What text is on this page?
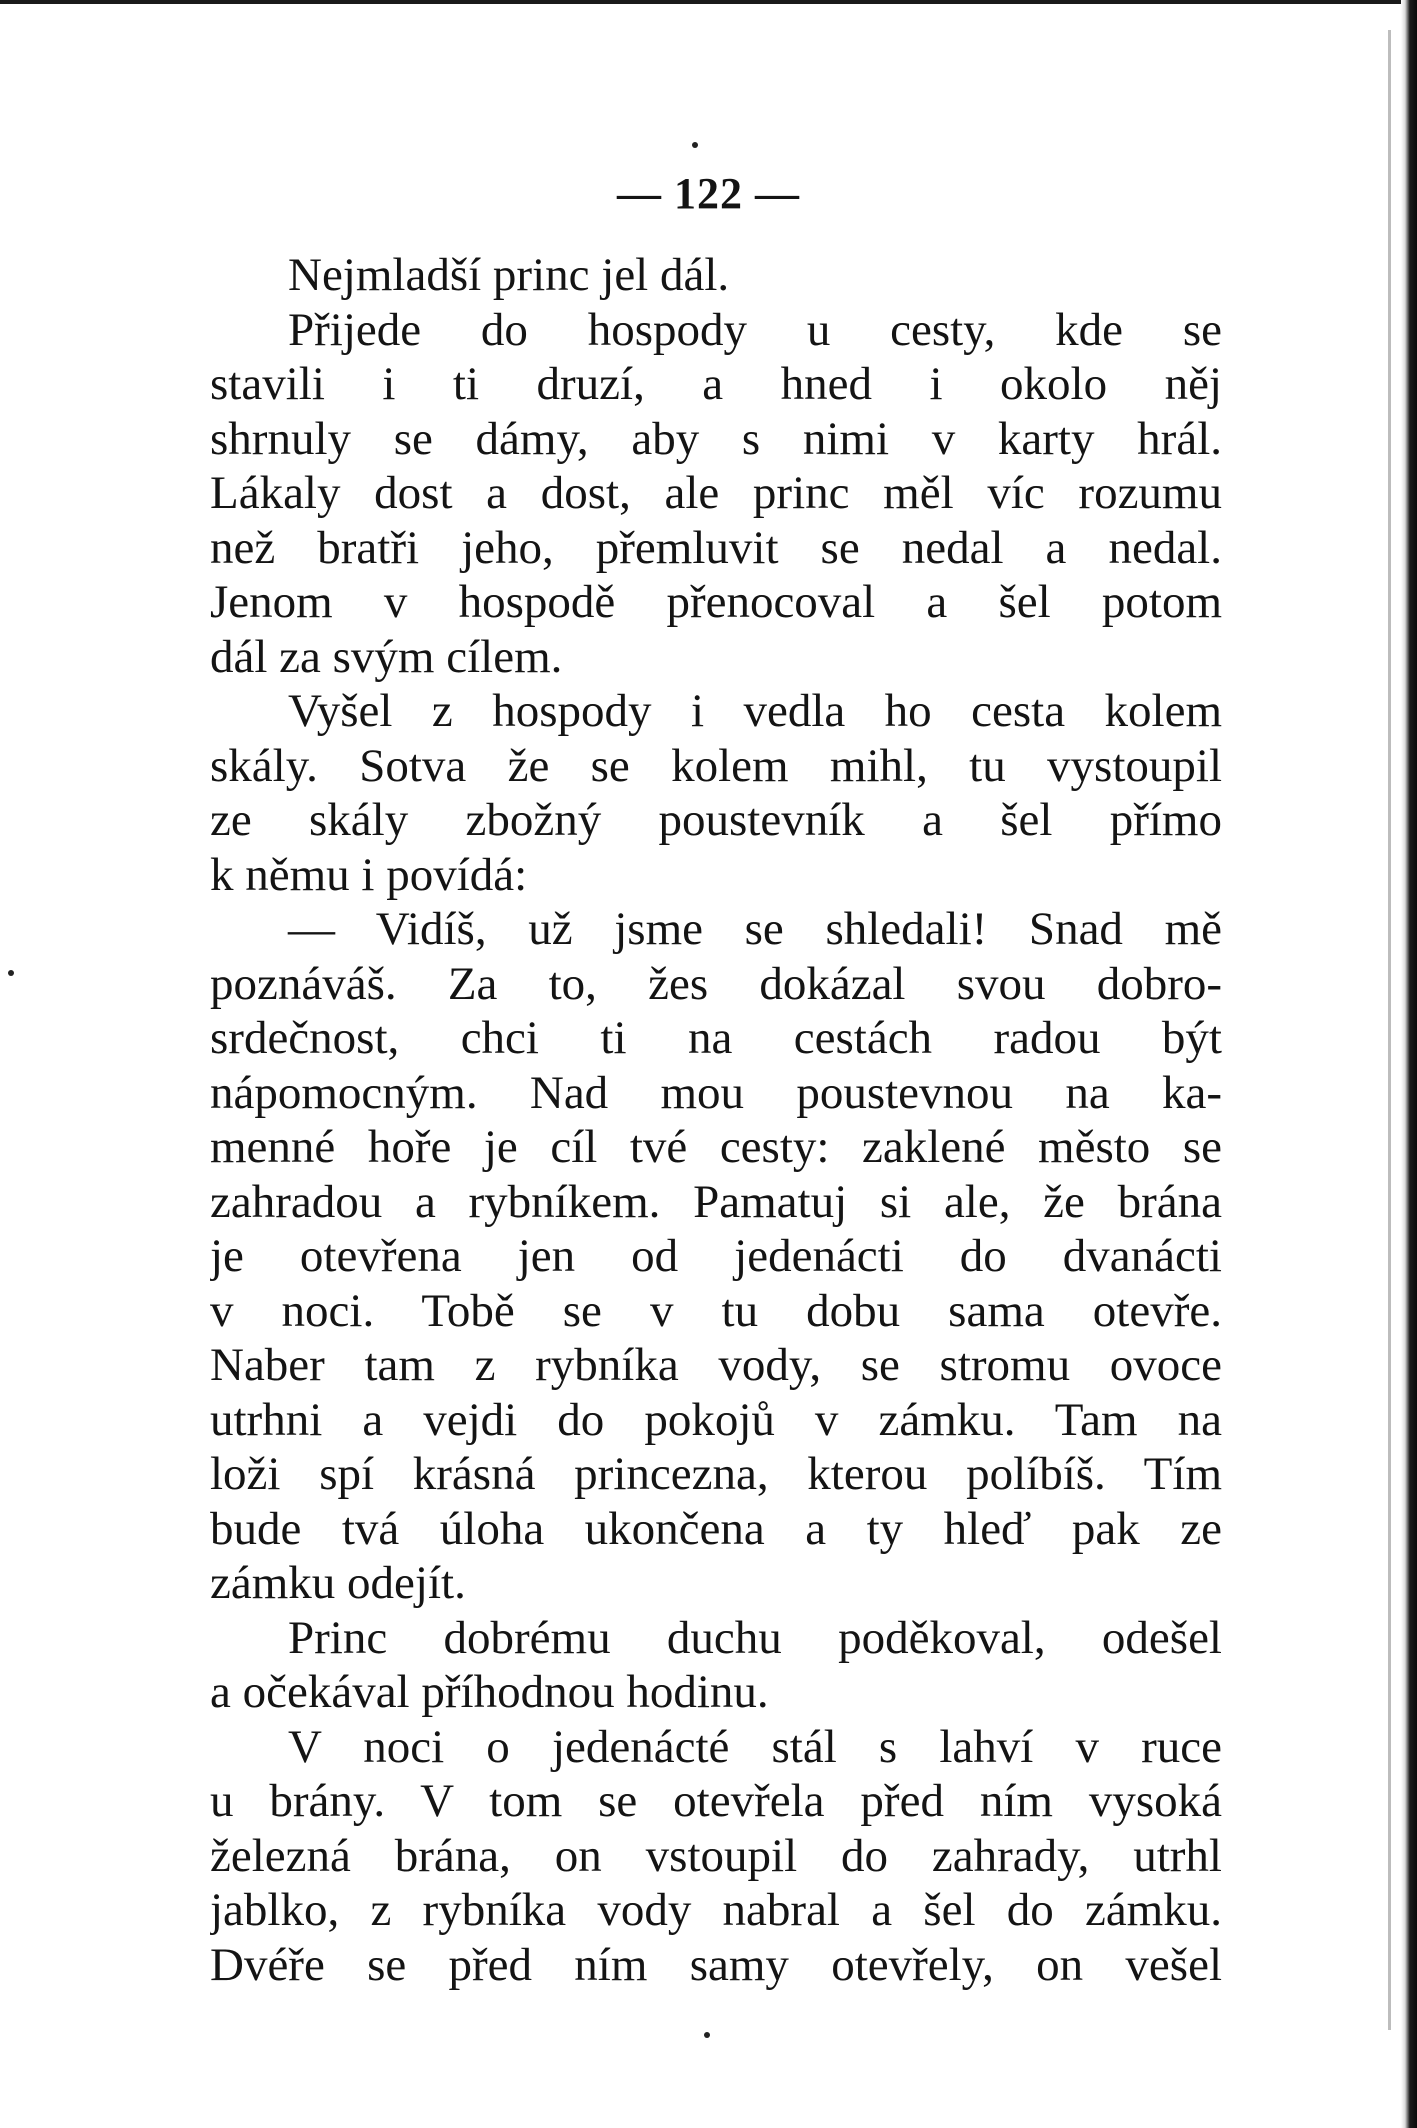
— 122 —

Nejmladší princ jel dál.
Přijede do hospody u cesty, kde se
stavili i ti druzí, a hned i okolo něj
shrnuly se dámy, aby s nimi v karty hrál.
Lákaly dost a dost, ale princ měl víc rozumu
než bratři jeho, přemluvit se nedal a nedal.
Jenom v hospodě přenocoval a šel potom
dál za svým cílem.
Vyšel z hospody i vedla ho cesta kolem
skály. Sotva že se kolem mihl, tu vystoupil
ze skály zbožný poustevník a šel přímo
k němu i povídá:
— Vidíš, už jsme se shledali! Snad mě
poznáváš. Za to, žes dokázal svou dobro-
srdečnost, chci ti na cestách radou být
nápomocným. Nad mou poustevnou na ka-
menné hoře je cíl tvé cesty: zaklené město se
zahradou a rybníkem. Pamatuj si ale, že brána
je otevřena jen od jedenácti do dvanácti
v noci. Tobě se v tu dobu sama otevře.
Naber tam z rybníka vody, se stromu ovoce
utrhni a vejdi do pokojů v zámku. Tam na
loži spí krásná princezna, kterou políbíš. Tím
bude tvá úloha ukončena a ty hleď pak ze
zámku odejít.
Princ dobrému duchu poděkoval, odešel
a očekával příhodnou hodinu.
V noci o jedenácté stál s lahví v ruce
u brány. V tom se otevřela před ním vysoká
železná brána, on vstoupil do zahrady, utrhl
jablko, z rybníka vody nabral a šel do zámku.
Dvéře se před ním samy otevřely, on vešel
